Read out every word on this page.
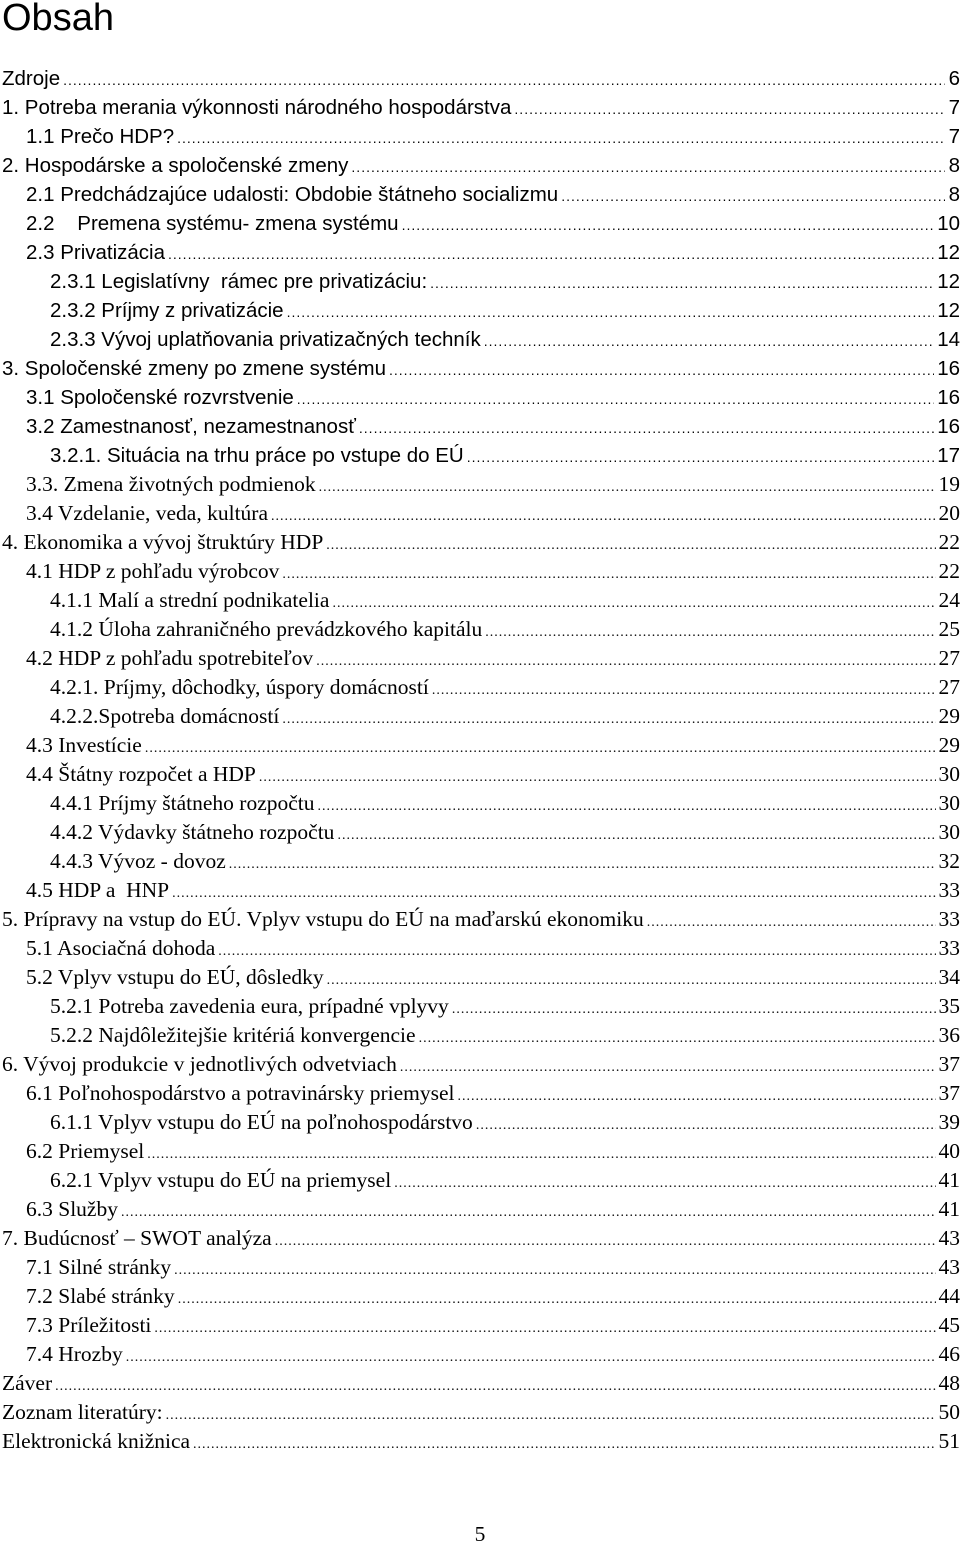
Obsah
Zdroje .....	6
1. Potreba merania výkonnosti národného hospodárstva .....	7
1.1 Prečo HDP? .....	7
2. Hospodárske a spoločenské zmeny .....	8
2.1 Predchádzajúce udalosti: Obdobie štátneho socializmu .....	8
2.2    Premena systému- zmena systému .....	10
2.3 Privatizácia .....	12
2.3.1 Legislatívny  rámec pre privatizáciu: .....	12
2.3.2 Príjmy z privatizácie .....	12
2.3.3 Vývoj uplatňovania privatizačných techník .....	14
3. Spoločenské zmeny po zmene systému .....	16
3.1 Spoločenské rozvrstvenie .....	16
3.2 Zamestnanosť, nezamestnanosť .....	16
3.2.1. Situácia na trhu práce po vstupe do EÚ .....	17
3.3. Zmena životných podmienok .....	19
3.4 Vzdelanie, veda, kultúra .....	20
4. Ekonomika a vývoj štruktúry HDP .....	22
4.1 HDP z pohľadu výrobcov .....	22
4.1.1 Malí a strední podnikatelia .....	24
4.1.2 Úloha zahraničného prevádzkového kapitálu .....	25
4.2 HDP z pohľadu spotrebiteľov .....	27
4.2.1. Príjmy, dôchodky, úspory domácností .....	27
4.2.2.Spotreba domácností .....	29
4.3 Investície .....	29
4.4 Štátny rozpočet a HDP .....	30
4.4.1 Príjmy štátneho rozpočtu .....	30
4.4.2 Výdavky štátneho rozpočtu .....	30
4.4.3 Vývoz - dovoz .....	32
4.5 HDP a  HNP .....	33
5. Prípravy na vstup do EÚ. Vplyv vstupu do EÚ na maďarskú ekonomiku .....	33
5.1 Asociačná dohoda .....	33
5.2 Vplyv vstupu do EÚ, dôsledky .....	34
5.2.1 Potreba zavedenia eura, prípadné vplyvy .....	35
5.2.2 Najdôležitejšie kritériá konvergencie .....	36
6. Vývoj produkcie v jednotlivých odvetviach .....	37
6.1 Poľnohospodárstvo a potravinársky priemysel .....	37
6.1.1 Vplyv vstupu do EÚ na poľnohospodárstvo .....	39
6.2 Priemysel .....	40
6.2.1 Vplyv vstupu do EÚ na priemysel .....	41
6.3 Služby .....	41
7. Budúcnosť – SWOT analýza .....	43
7.1 Silné stránky .....	43
7.2 Slabé stránky .....	44
7.3 Príležitosti .....	45
7.4 Hrozby .....	46
Záver .....	48
Zoznam literatúry: .....	50
Elektronická knižnica .....	51
5
